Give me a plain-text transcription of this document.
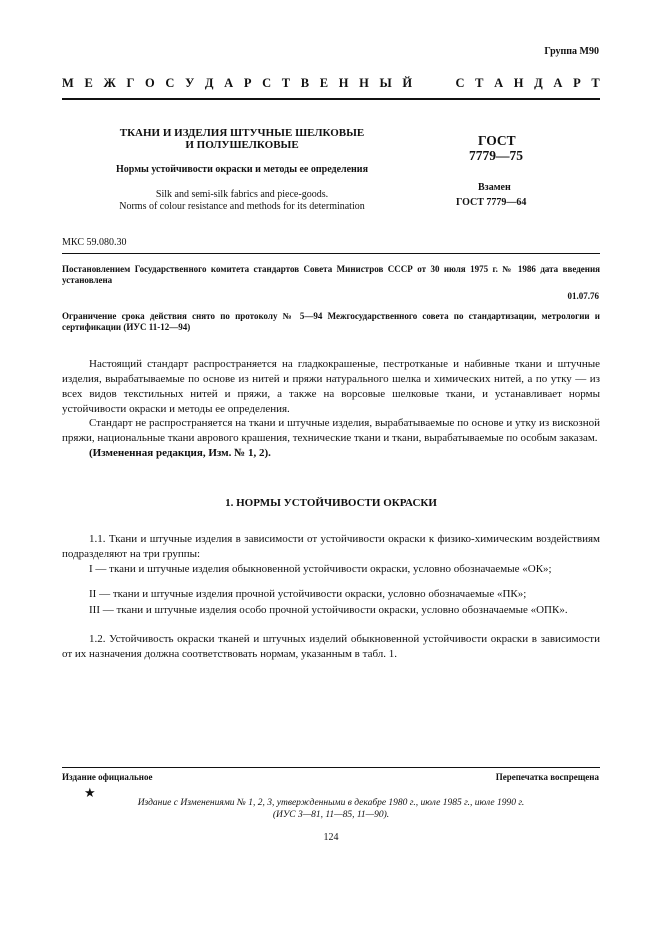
Группа М90
М Е Ж Г О С У Д А Р С Т В Е Н Н Ы Й	С Т А Н Д А Р Т
ТКАНИ И ИЗДЕЛИЯ ШТУЧНЫЕ ШЕЛКОВЫЕ
И ПОЛУШЕЛКОВЫЕ
Нормы устойчивости окраски и методы ее определения
Silk and semi-silk fabrics and piece-goods.
Norms of colour resistance and methods for its determination
ГОСТ
7779—75
Взамен
ГОСТ 7779—64
МКС 59.080.30
Постановлением Государственного комитета стандартов Совета Министров СССР от 30 июля 1975 г. № 1986 дата введения установлена
01.07.76
Ограничение срока действия снято по протоколу № 5—94 Межгосударственного совета по стандартизации, метрологии и сертификации (ИУС 11-12—94)

Настоящий стандарт распространяется на гладкокрашеные, пестротканые и набивные ткани и штучные изделия, вырабатываемые по основе из нитей и пряжи натурального шелка и химических нитей, а по утку — из всех видов текстильных нитей и пряжи, а также на ворсовые шелковые ткани, и устанавливает нормы устойчивости окраски и методы ее определения.

Стандарт не распространяется на ткани и штучные изделия, вырабатываемые по основе и утку из вискозной пряжи, национальные ткани аврового крашения, технические ткани и ткани, вырабатываемые по особым заказам.

(Измененная редакция, Изм. № 1, 2).

1. НОРМЫ УСТОЙЧИВОСТИ ОКРАСКИ

1.1. Ткани и штучные изделия в зависимости от устойчивости окраски к физико-химическим воздействиям подразделяют на три группы:

I — ткани и штучные изделия обыкновенной устойчивости окраски, условно обозначаемые «ОК»;

II — ткани и штучные изделия прочной устойчивости окраски, условно обозначаемые «ПК»;

III — ткани и штучные изделия особо прочной устойчивости окраски, условно обозначаемые «ОПК».

1.2. Устойчивость окраски тканей и штучных изделий обыкновенной устойчивости окраски в зависимости от их назначения должна соответствовать нормам, указанным в табл. 1.

Издание официальное	Перепечатка воспрещена
★
Издание с Изменениями № 1, 2, 3, утвержденными в декабре 1980 г., июле 1985 г., июле 1990 г.
(ИУС 3—81, 11—85, 11—90).
124
